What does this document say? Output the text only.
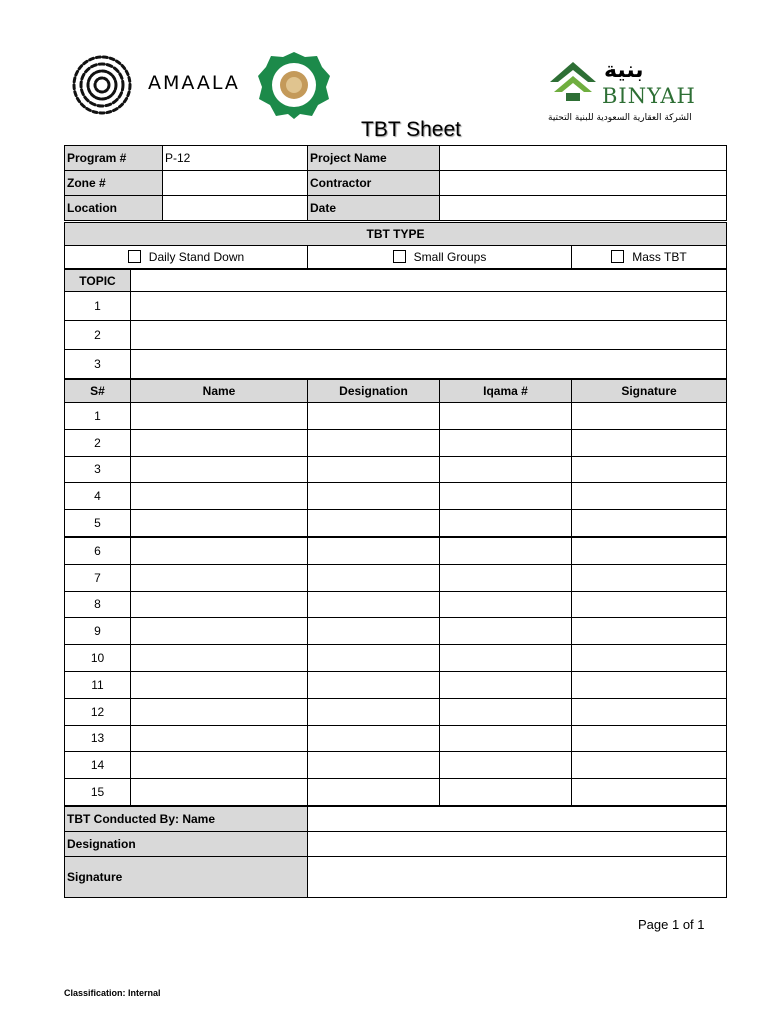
AMAALA	بنية
BINYAH
الشركة العقارية السعودية للبنية التحتية
TBT Sheet
Program #	P-12	Project Name	
Zone #		Contractor	
Location		Date	
TBT TYPE
Daily Stand Down	Small Groups	Mass TBT
TOPIC	
1	
2	
3	
S#	Name	Designation	Iqama #	Signature
1				
2				
3				
4				
5				
6				
7				
8				
9				
10				
11				
12				
13				
14				
15				
TBT Conducted By: Name	
Designation	
Signature	
Page 1 of 1
Classification: Internal
